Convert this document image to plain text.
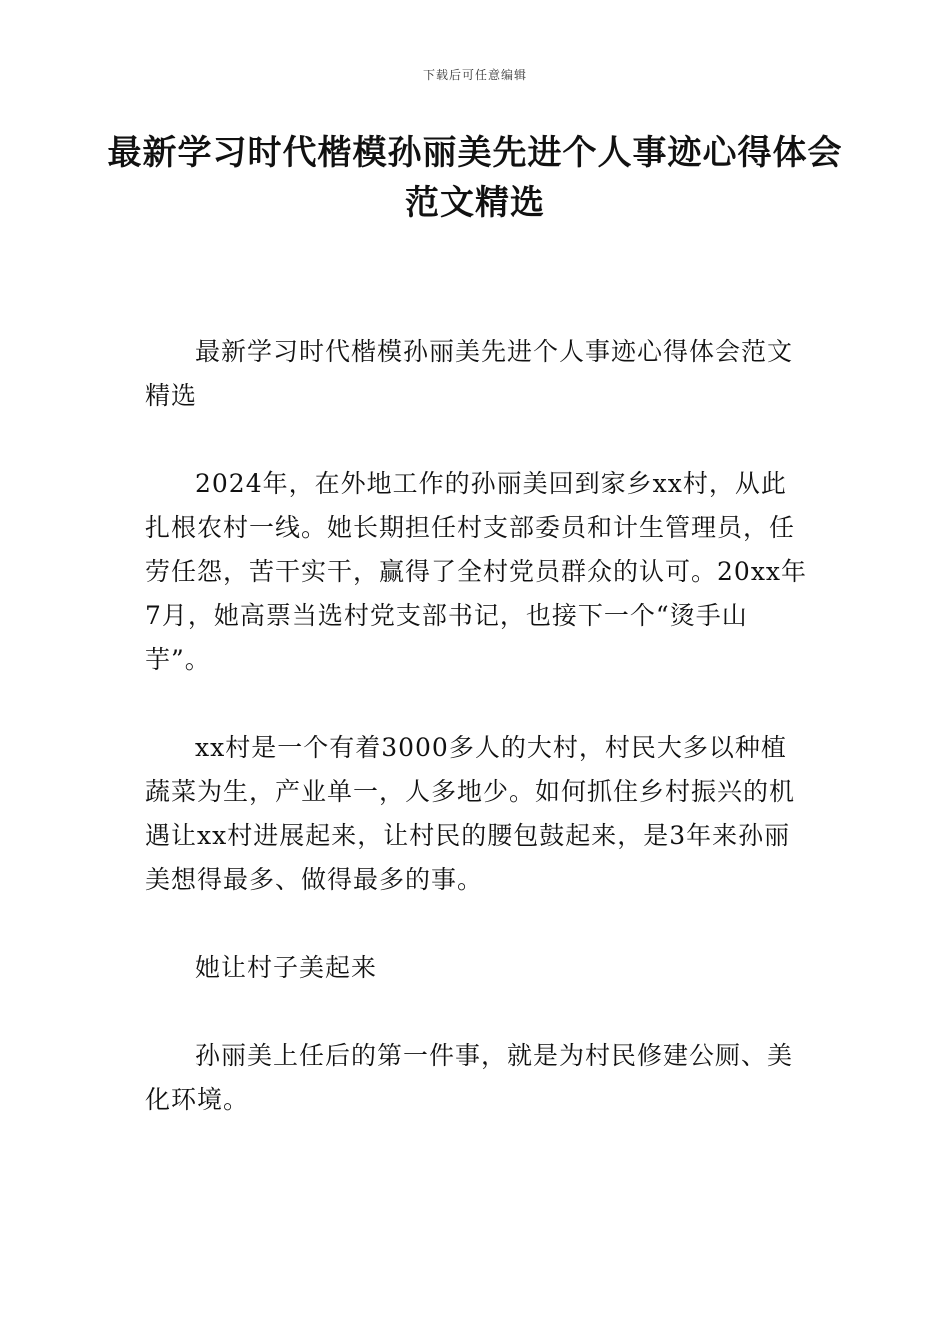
下载后可任意编辑
最新学习时代楷模孙丽美先进个人事迹心得体会范文精选

最新学习时代楷模孙丽美先进个人事迹心得体会范文精选

2024年，在外地工作的孙丽美回到家乡xx村，从此扎根农村一线。她长期担任村支部委员和计生管理员，任劳任怨，苦干实干，赢得了全村党员群众的认可。20xx年7月，她高票当选村党支部书记，也接下一个“烫手山芋”。

xx村是一个有着3000多人的大村，村民大多以种植蔬菜为生，产业单一，人多地少。如何抓住乡村振兴的机遇让xx村进展起来，让村民的腰包鼓起来，是3年来孙丽美想得最多、做得最多的事。

她让村子美起来

孙丽美上任后的第一件事，就是为村民修建公厕、美化环境。
